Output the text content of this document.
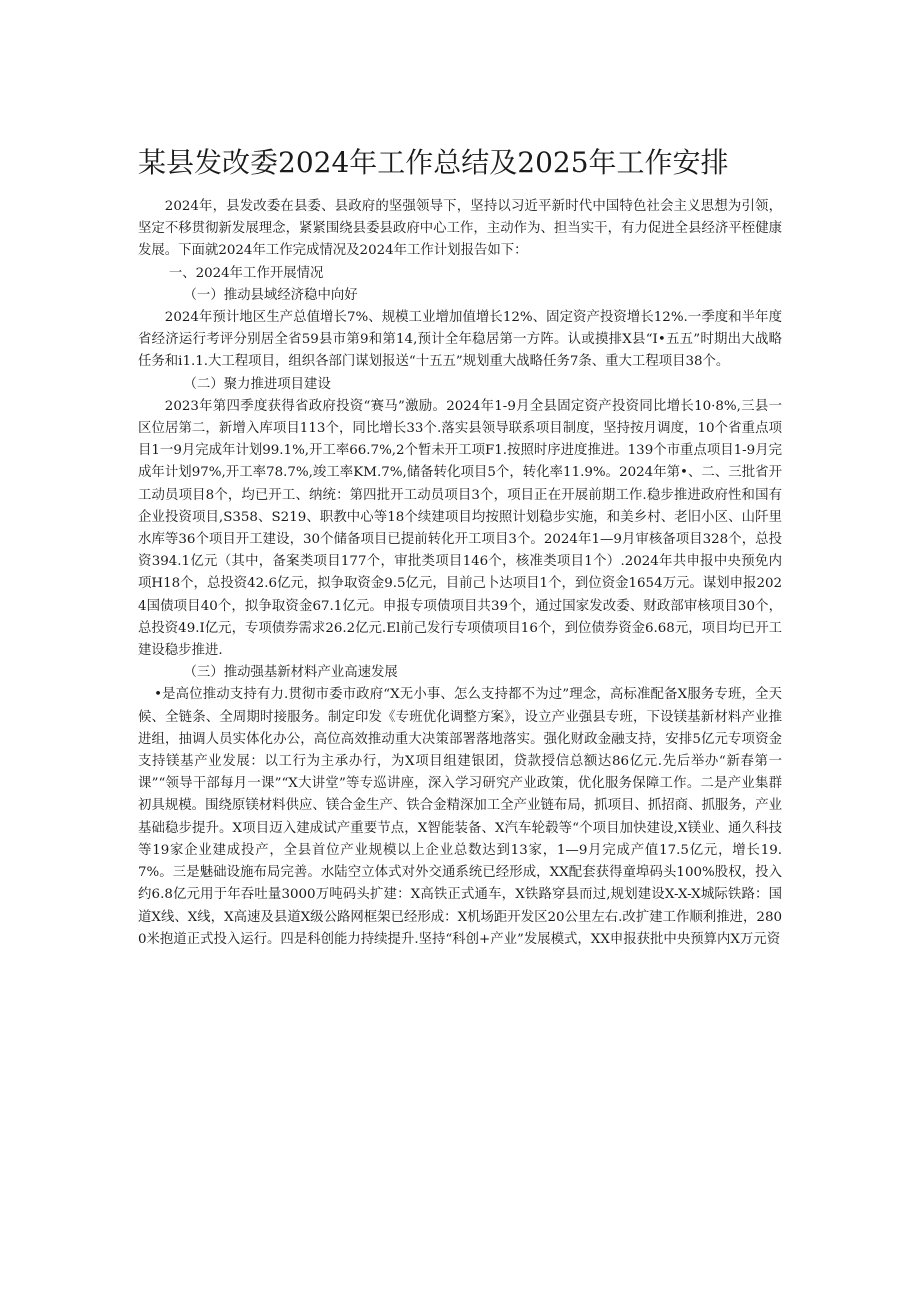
某县发改委2024年工作总结及2025年工作安排

2024年，县发改委在县委、县政府的坚强领导下，坚持以习近平新时代中国特色社会主义思想为引领，坚定不移贯彻新发展理念，紧紧围绕县委县政府中心工作，主动作为、担当实干，有力促进全县经济平桎健康发展。下面就2024年工作完成情况及2024年工作计划报告如下：

一、2024年工作开展情况

（一）推动县域经济稳中向好

2024年预计地区生产总值增长7%、规模工业增加值增长12%、固定资产投资增长12%.一季度和半年度省经济运行考评分别居全省59县市第9和第14,预计全年稳居第一方阵。认或摸排X县“I•五五”时期出大战略任务和i1.1.大工程项目，组织各部门谋划报送“十五五”规划重大战略任务7条、重大工程项目38个。

（二）聚力推进项目建设

2023年第四季度获得省政府投资“赛马”激励。2024年1-9月全县固定资产投资同比增长10·8%,三县一区位居第二，新增入库项目113个，同比增长33个.落实县领导联系项目制度，坚持按月调度，10个省重点项目1一9月完成年计划99.1%,开工率66.7%,2个暂未开工项F1.按照时序进度推进。139个市重点项目1-9月完成年计划97%,开工率78.7%,竣工率KM.7%,储备转化项目5个，转化率11.9%。2024年第•、二、三批省开工动员项目8个，均已开工、纳统：第四批开工动员项目3个，项目正在开展前期工作.稳步推进政府性和国有企业投资项目,S358、S219、职教中心等18个续建项目均按照计划稳步实施，和美乡村、老旧小区、山阡里水库等36个项目开工建设，30个储备项目已提前转化开工项目3个。2024年1—9月审核备项目328个，总投资394.1亿元（其中，备案类项目177个，审批类项目146个，核准类项目1个）.2024年共申报中央预免内项H18个，总投资42.6亿元，拟争取资金9.5亿元，目前己卜达项目1个，到位资金1654万元。谋划申报2024国债项目40个，拟争取资金67.1亿元。申报专项债项目共39个，通过国家发改委、财政部审核项目30个，总投资49.I亿元，专项债券需求26.2亿元.El前己发行专项债项目16个，到位债券资金6.68元，项目均已开工建设稳步推进.

（三）推动强基新材料产业高速发展

•是高位推动支持有力.贯彻市委市政府“X无小事、怎么支持都不为过”理念，高标准配备X服务专班，全天候、全链条、全周期时接服务。制定印发《专班优化调整方案》，设立产业强县专班，下设镁基新材料产业推进组，抽调人员实体化办公，高位高效推动重大决策部署落地落实。强化财政金融支持，安排5亿元专项资金支持镁基产业发展：以工行为主承办行，为X项目组建银团，贷款授信总额达86亿元.先后举办“新春第一课”“领导干部每月一课”“X大讲堂”等专巡讲座，深入学习研究产业政策，优化服务保障工作。二是产业集群初具规模。围绕原镁材料供应、镁合金生产、铁合金精深加工全产业链布局，抓项目、抓招商、抓服务，产业基础稳步提升。X项目迈入建成试产重要节点，X智能装备、X汽车轮毂等“个项目加快建设,X镁业、通久科技等19家企业建成投产，全县首位产业规模以上企业总数达到13家，1—9月完成产值17.5亿元，增长19.7%。三是魅础设施布局完善。水陆空立体式对外交通系统已经形成，XX配套获得童埠码头100%股权，投入约6.8亿元用于年吞吐量3000万吨码头扩建：X高铁正式通车，X铁路穿县而过,规划建设X-X-X城际铁路：国道X线、X线，X高速及县道X级公路网框架已经形成：X机场距开发区20公里左右.改扩建工作顺利推进，2800米抱道正式投入运行。四是科创能力持续提升.坚持“科创+产业”发展模式，XX申报获批中央预算内X万元资
